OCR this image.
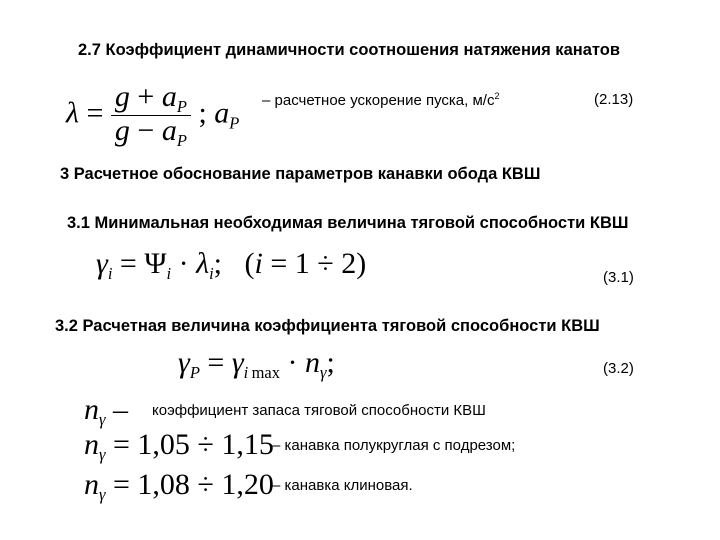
2.7 Коэффициент динамичности соотношения натяжения канатов
$\lambda = \frac{g + a_P}{g - a_P}$ ; $a_P$
– расчетное ускорение пуска, $м/с^2$	(2.13)
3 Расчетное обоснование параметров канавки обода КВШ
3.1 Минимальная необходимая величина тяговой способности КВШ
$\gamma_i = \Psi_i \cdot \lambda_i$;   (i = 1 ÷ 2)	(3.1)
3.2 Расчетная величина коэффициента тяговой способности КВШ
$\gamma_P = \gamma_{i max} \cdot n_\gamma$;	(3.2)
$n_\gamma$ – коэффициент запаса тяговой способности КВШ
$n_\gamma = 1,05 \div 1,15$
– канавка полукруглая с подрезом;
$n_\gamma = 1,08 \div 1,20$
– канавка клиновая.
